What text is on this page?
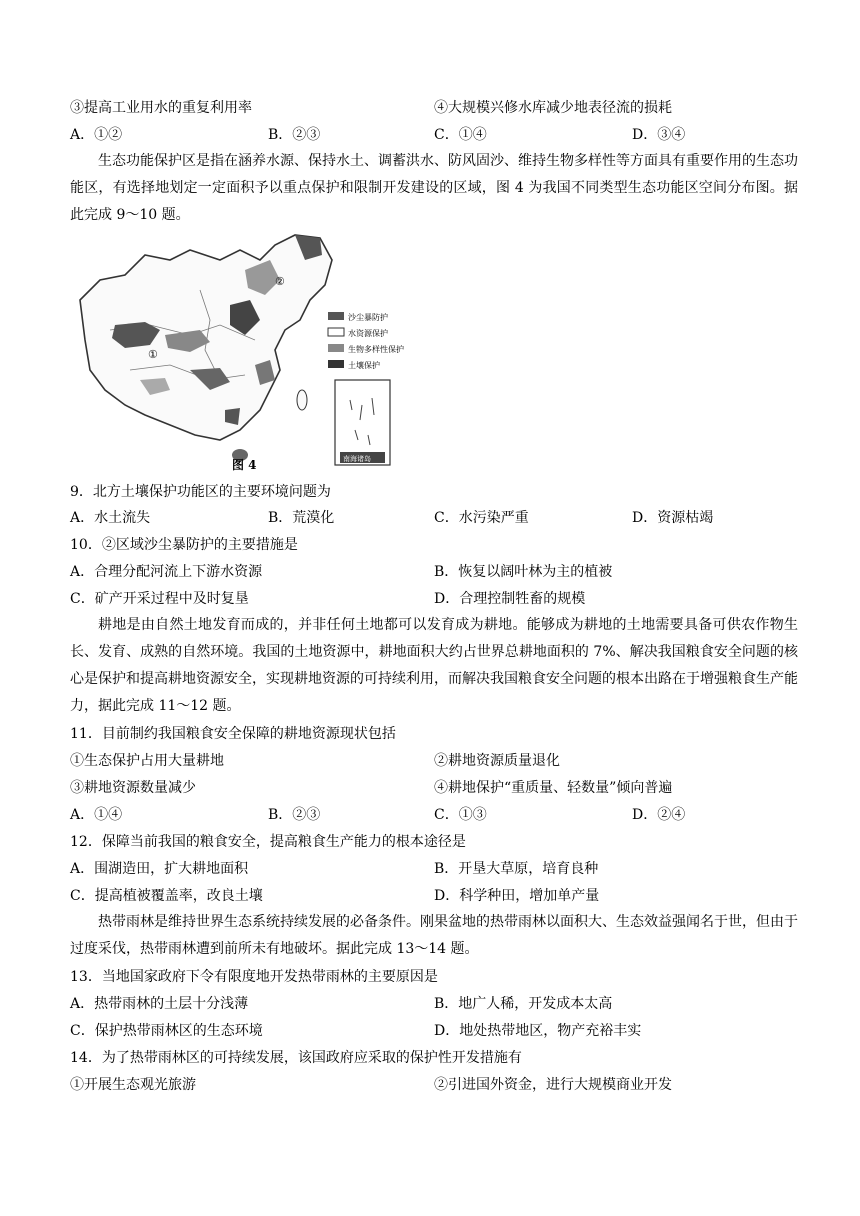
③提高工业用水的重复利用率	④大规模兴修水库减少地表径流的损耗
A．①②	B．②③	C．①④	D．③④
生态功能保护区是指在涵养水源、保持水土、调蓄洪水、防风固沙、维持生物多样性等方面具有重要作用的生态功能区，有选择地划定一定面积予以重点保护和限制开发建设的区域，图 4 为我国不同类型生态功能区空间分布图。据此完成 9～10 题。
①
②
沙尘暴防护
水资源保护
生物多样性保护
土壤保护
南海诸岛
图 4
9．北方土壤保护功能区的主要环境问题为
A．水土流失	B．荒漠化	C．水污染严重	D．资源枯竭
10．②区域沙尘暴防护的主要措施是
A．合理分配河流上下游水资源	B．恢复以阔叶林为主的植被
C．矿产开采过程中及时复垦	D．合理控制牲畜的规模
耕地是由自然土地发育而成的，并非任何土地都可以发育成为耕地。能够成为耕地的土地需要具备可供农作物生长、发育、成熟的自然环境。我国的土地资源中，耕地面积大约占世界总耕地面积的 7%、解决我国粮食安全问题的核心是保护和提高耕地资源安全，实现耕地资源的可持续利用，而解决我国粮食安全问题的根本出路在于增强粮食生产能力，据此完成 11～12 题。
11．目前制约我国粮食安全保障的耕地资源现状包括
①生态保护占用大量耕地	②耕地资源质量退化
③耕地资源数量减少	④耕地保护“重质量、轻数量”倾向普遍
A．①④	B．②③	C．①③	D．②④
12．保障当前我国的粮食安全，提高粮食生产能力的根本途径是
A．围湖造田，扩大耕地面积	B．开垦大草原，培育良种
C．提高植被覆盖率，改良土壤	D．科学种田，增加单产量
热带雨林是维持世界生态系统持续发展的必备条件。刚果盆地的热带雨林以面积大、生态效益强闻名于世，但由于过度采伐，热带雨林遭到前所未有地破坏。据此完成 13～14 题。
13．当地国家政府下令有限度地开发热带雨林的主要原因是
A．热带雨林的土层十分浅薄	B．地广人稀，开发成本太高
C．保护热带雨林区的生态环境	D．地处热带地区，物产充裕丰实
14．为了热带雨林区的可持续发展，该国政府应采取的保护性开发措施有
①开展生态观光旅游	②引进国外资金，进行大规模商业开发
